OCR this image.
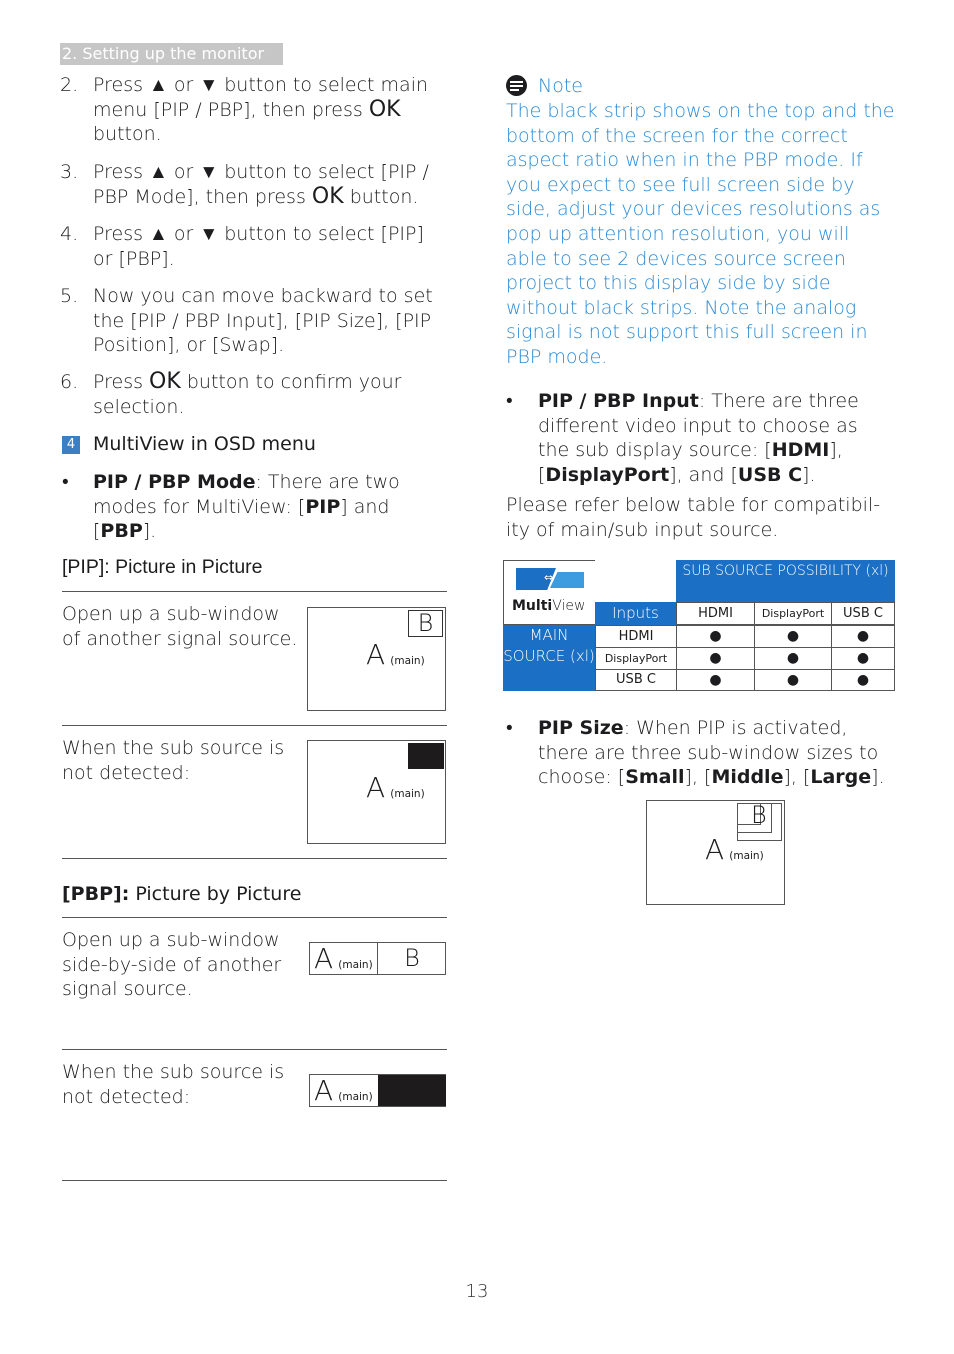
2. Setting up the monitor
2. Press ▲ or ▼ button to select main menu [PIP / PBP], then press OK button.
3. Press ▲ or ▼ button to select [PIP / PBP Mode], then press OK button.
4. Press ▲ or ▼ button to select [PIP] or [PBP].
5. Now you can move backward to set the [PIP / PBP Input], [PIP Size], [PIP Position], or [Swap].
6. Press OK button to confirm your selection.
4 MultiView in OSD menu
• PIP / PBP Mode: There are two modes for MultiView: [PIP] and [PBP].
[PIP]: Picture in Picture
Open up a sub-window of another signal source.
B
A (main)
When the sub source is not detected:	A (main)
[PBP]: Picture by Picture
Open up a sub-window side-by-side of another signal source.
A (main)	B
When the sub source is not detected:	A (main)
Note
The black strip shows on the top and the bottom of the screen for the correct aspect ratio when in the PBP mode. If you expect to see full screen side by side, adjust your devices resolutions as pop up attention resolution, you will able to see 2 devices source screen project to this display side by side without black strips. Note the analog signal is not support this full screen in PBP mode.
• PIP / PBP Input: There are three different video input to choose as the sub display source: [HDMI], [DisplayPort], and [USB C].
Please refer below table for compatibil-ity of main/sub input source.
⇔
MultiView
SUB SOURCE POSSIBILITY (xl)
Inputs	HDMI	DisplayPort	USB C
MAIN SOURCE (xl)
HDMI	●	●	●
DisplayPort	●	●	●
USB C	●	●	●
• PIP Size: When PIP is activated, there are three sub-window sizes to choose: [Small], [Middle], [Large].
B
A (main)
13
